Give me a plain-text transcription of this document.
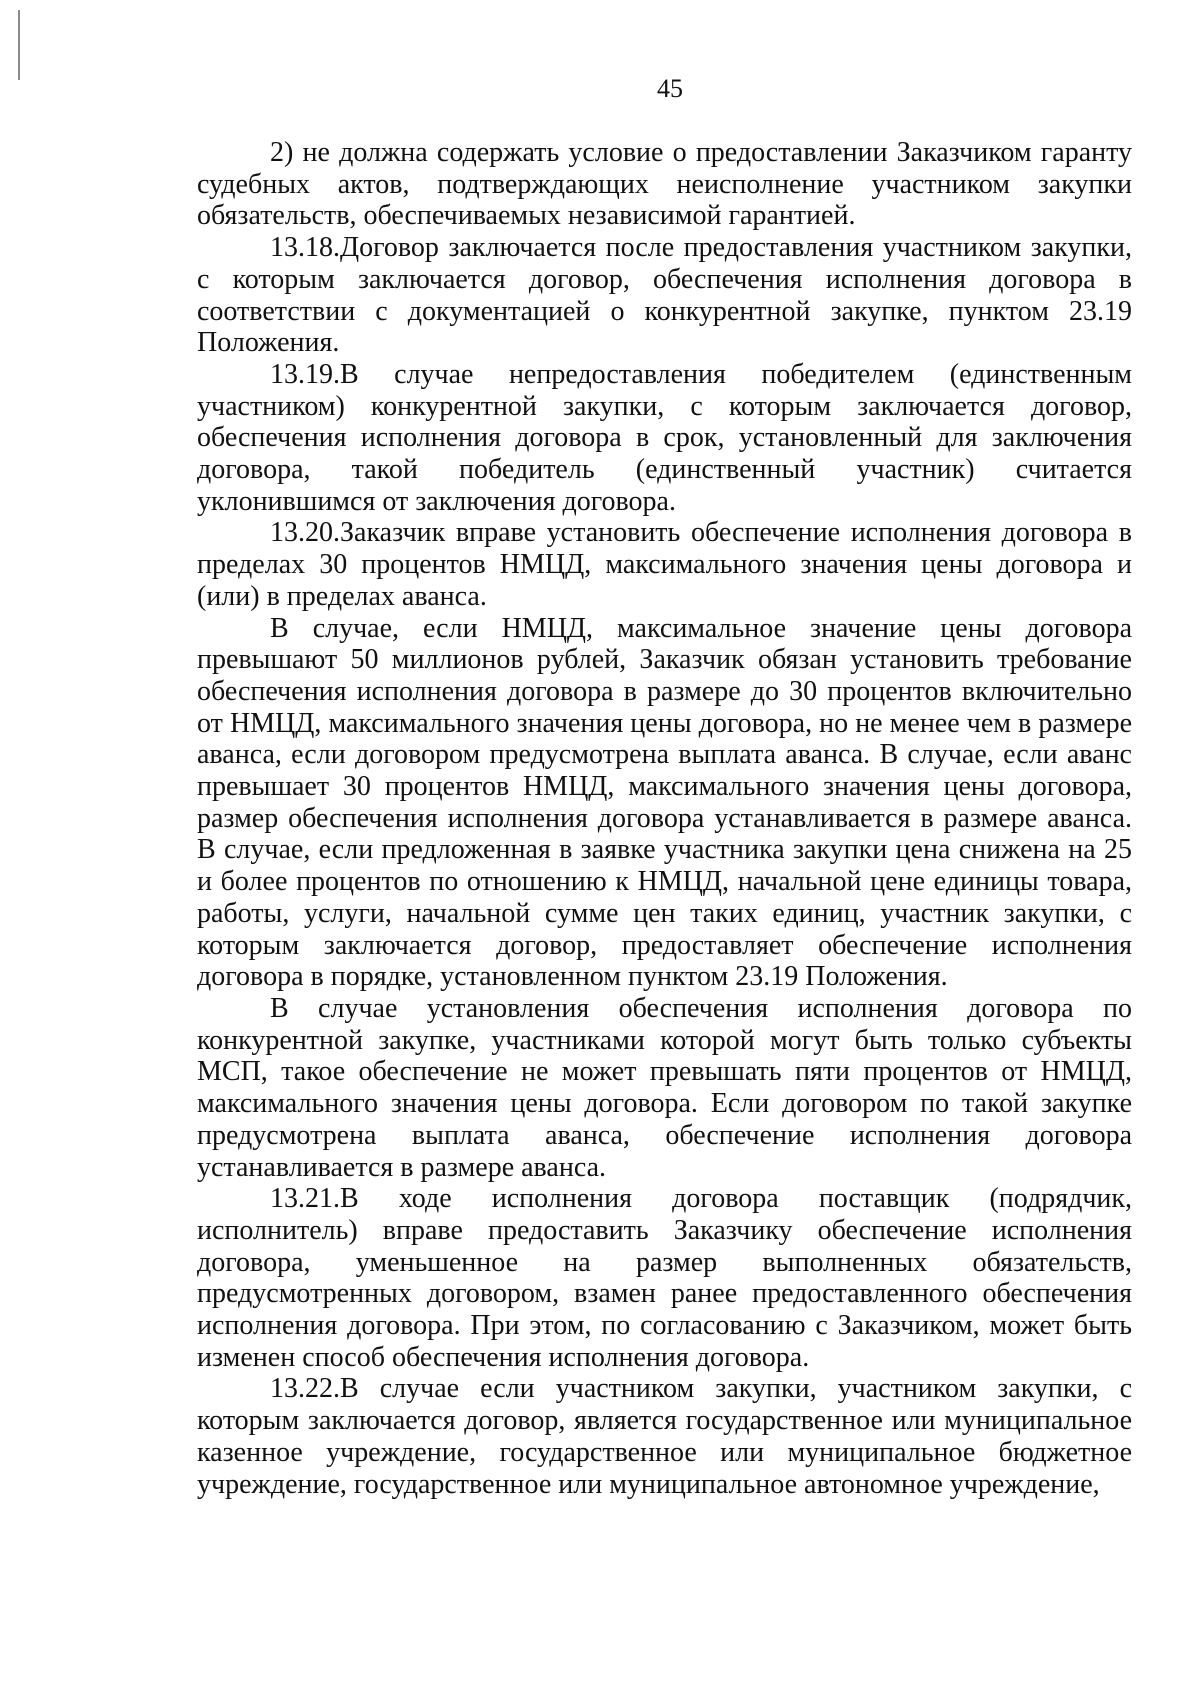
45

2) не должна содержать условие о предоставлении Заказчиком гаранту судебных актов, подтверждающих неисполнение участником закупки обязательств, обеспечиваемых независимой гарантией.

13.18.Договор заключается после предоставления участником закупки, с которым заключается договор, обеспечения исполнения договора в соответствии с документацией о конкурентной закупке, пунктом 23.19 Положения.

13.19.В случае непредоставления победителем (единственным участником) конкурентной закупки, с которым заключается договор, обеспечения исполнения договора в срок, установленный для заключения договора, такой победитель (единственный участник) считается уклонившимся от заключения договора.

13.20.Заказчик вправе установить обеспечение исполнения договора в пределах 30 процентов НМЦД, максимального значения цены договора и (или) в пределах аванса.

В случае, если НМЦД, максимальное значение цены договора превышают 50 миллионов рублей, Заказчик обязан установить требование обеспечения исполнения договора в размере до 30 процентов включительно от НМЦД, максимального значения цены договора, но не менее чем в размере аванса, если договором предусмотрена выплата аванса. В случае, если аванс превышает 30 процентов НМЦД, максимального значения цены договора, размер обеспечения исполнения договора устанавливается в размере аванса. В случае, если предложенная в заявке участника закупки цена снижена на 25 и более процентов по отношению к НМЦД, начальной цене единицы товара, работы, услуги, начальной сумме цен таких единиц, участник закупки, с которым заключается договор, предоставляет обеспечение исполнения договора в порядке, установленном пунктом 23.19 Положения.

В случае установления обеспечения исполнения договора по конкурентной закупке, участниками которой могут быть только субъекты МСП, такое обеспечение не может превышать пяти процентов от НМЦД, максимального значения цены договора. Если договором по такой закупке предусмотрена выплата аванса, обеспечение исполнения договора устанавливается в размере аванса.

13.21.В ходе исполнения договора поставщик (подрядчик, исполнитель) вправе предоставить Заказчику обеспечение исполнения договора, уменьшенное на размер выполненных обязательств, предусмотренных договором, взамен ранее предоставленного обеспечения исполнения договора. При этом, по согласованию с Заказчиком, может быть изменен способ обеспечения исполнения договора.

13.22.В случае если участником закупки, участником закупки, с которым заключается договор, является государственное или муниципальное казенное учреждение, государственное или муниципальное бюджетное учреждение, государственное или муниципальное автономное учреждение,
